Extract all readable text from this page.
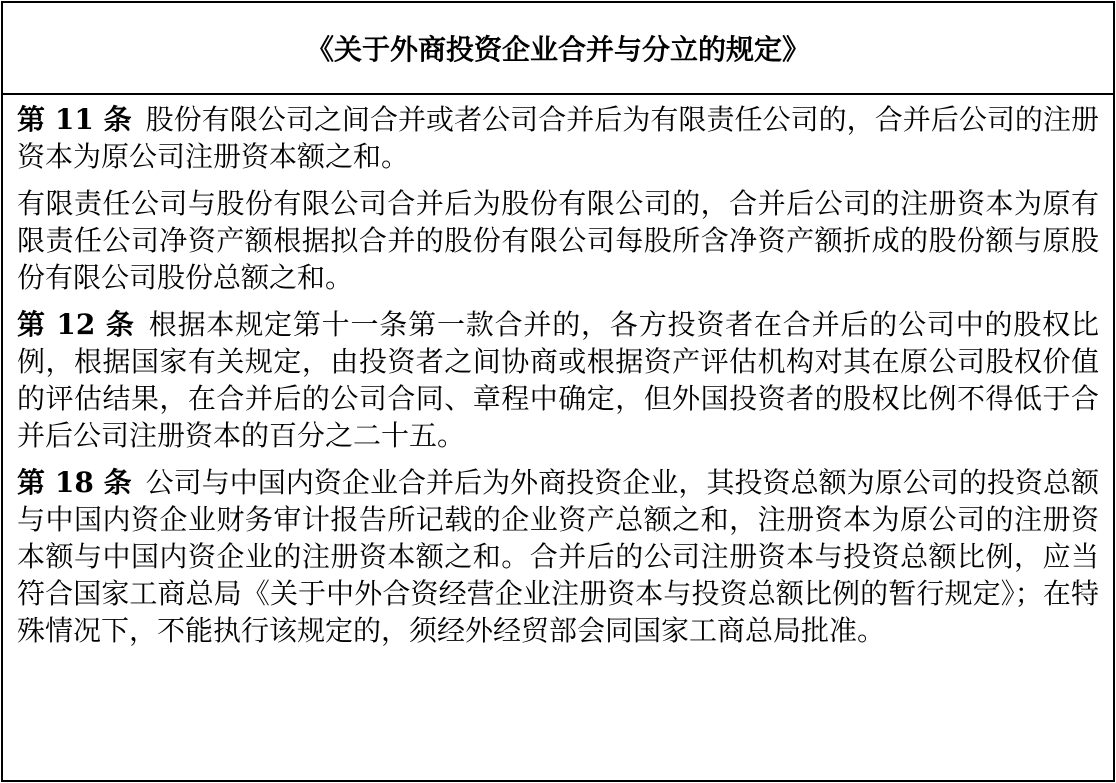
《关于外商投资企业合并与分立的规定》

第 11 条 股份有限公司之间合并或者公司合并后为有限责任公司的，合并后公司的注册资本为原公司注册资本额之和。

有限责任公司与股份有限公司合并后为股份有限公司的，合并后公司的注册资本为原有限责任公司净资产额根据拟合并的股份有限公司每股所含净资产额折成的股份额与原股份有限公司股份总额之和。

第 12 条 根据本规定第十一条第一款合并的，各方投资者在合并后的公司中的股权比例，根据国家有关规定，由投资者之间协商或根据资产评估机构对其在原公司股权价值的评估结果，在合并后的公司合同、章程中确定，但外国投资者的股权比例不得低于合并后公司注册资本的百分之二十五。

第 18 条 公司与中国内资企业合并后为外商投资企业，其投资总额为原公司的投资总额与中国内资企业财务审计报告所记载的企业资产总额之和，注册资本为原公司的注册资本额与中国内资企业的注册资本额之和。合并后的公司注册资本与投资总额比例，应当符合国家工商总局《关于中外合资经营企业注册资本与投资总额比例的暂行规定》；在特殊情况下，不能执行该规定的，须经外经贸部会同国家工商总局批准。
